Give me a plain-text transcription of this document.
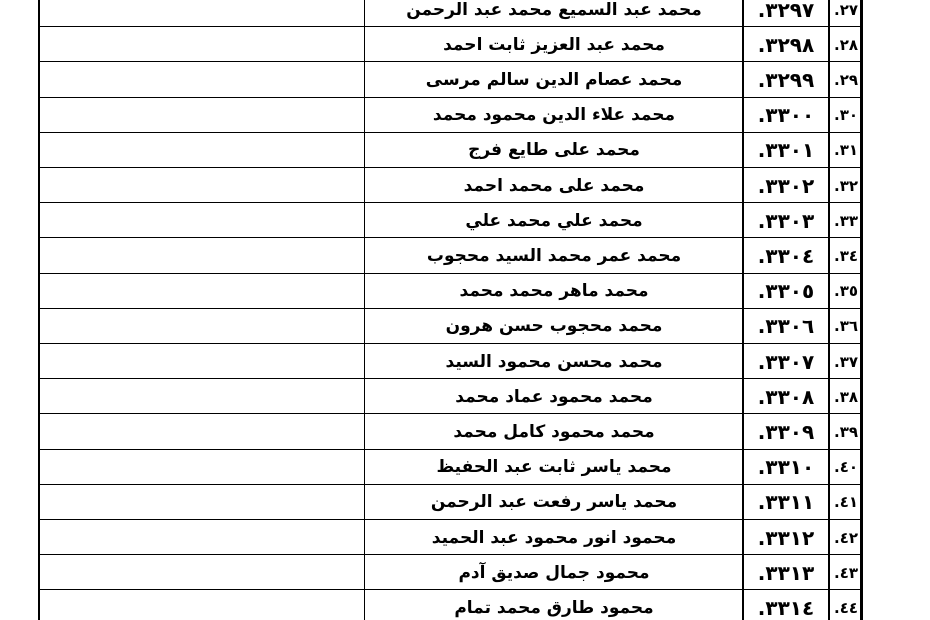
محمد عبد السميع محمد عبد الرحمن	٣٢٩٧.	٢٧.
محمد عبد العزيز ثابت احمد	٣٢٩٨.	٢٨.
محمد عصام الدين سالم مرسى	٣٢٩٩.	٢٩.
محمد علاء الدين محمود محمد	٣٣٠٠.	٣٠.
محمد على طايع فرج	٣٣٠١.	٣١.
محمد على محمد احمد	٣٣٠٢.	٣٢.
محمد علي محمد علي	٣٣٠٣.	٣٣.
محمد عمر محمد السيد محجوب	٣٣٠٤.	٣٤.
محمد ماهر محمد محمد	٣٣٠٥.	٣٥.
محمد محجوب حسن هرون	٣٣٠٦.	٣٦.
محمد محسن محمود السيد	٣٣٠٧.	٣٧.
محمد محمود عماد محمد	٣٣٠٨.	٣٨.
محمد محمود كامل محمد	٣٣٠٩.	٣٩.
محمد ياسر ثابت عبد الحفيظ	٣٣١٠.	٤٠.
محمد ياسر رفعت عبد الرحمن	٣٣١١.	٤١.
محمود انور محمود عبد الحميد	٣٣١٢.	٤٢.
محمود جمال صديق آدم	٣٣١٣.	٤٣.
محمود طارق محمد تمام	٣٣١٤.	٤٤.
